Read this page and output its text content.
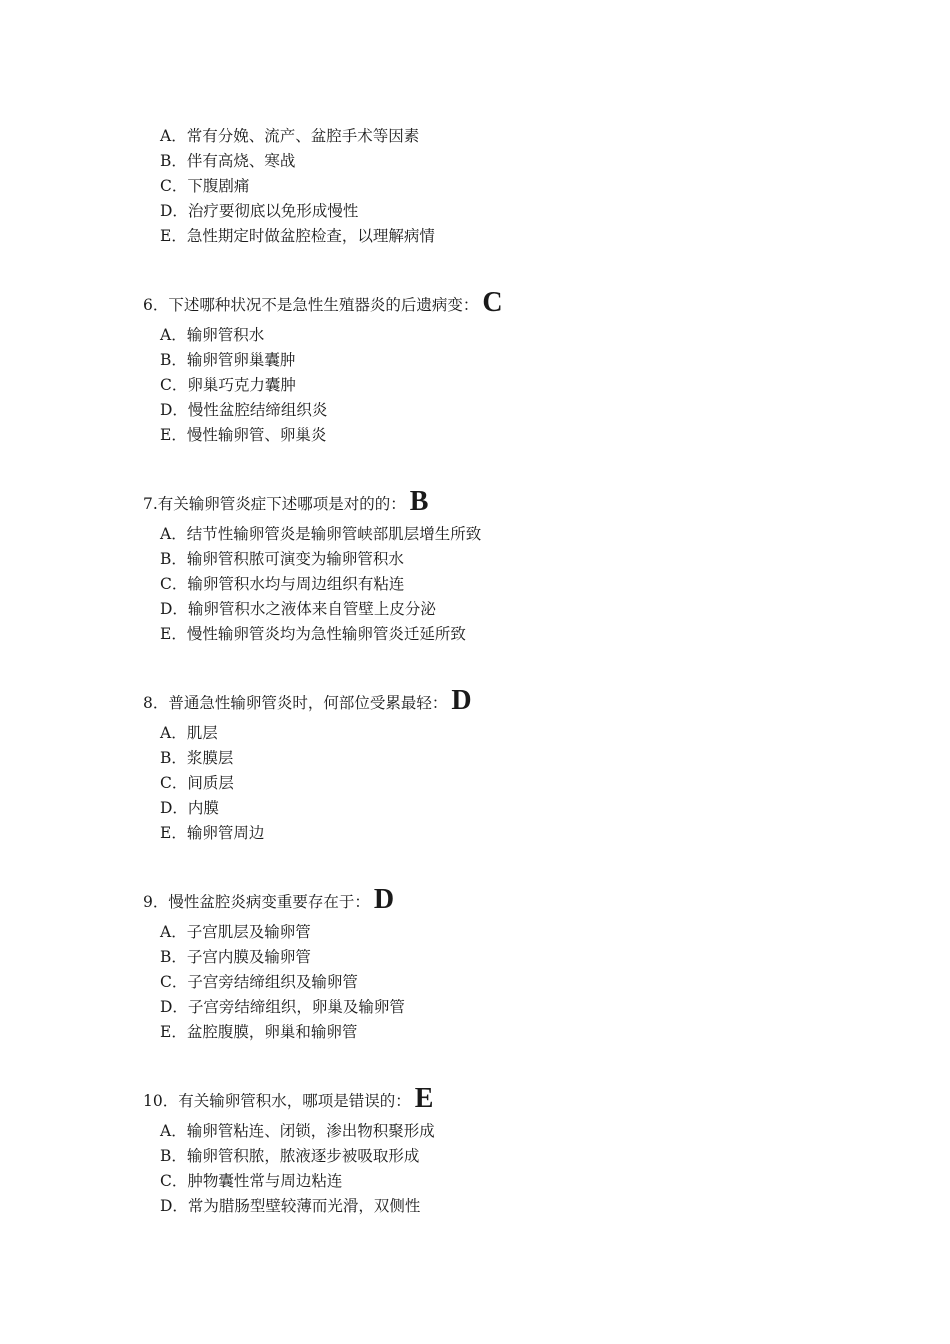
A．常有分娩、流产、盆腔手术等因素
B．伴有高烧、寒战
C．下腹剧痛
D．治疗要彻底以免形成慢性
E．急性期定时做盆腔检查，以理解病情
6．下述哪种状况不是急性生殖器炎的后遗病变： C
A．输卵管积水
B．输卵管卵巢囊肿
C．卵巢巧克力囊肿
D．慢性盆腔结缔组织炎
E．慢性输卵管、卵巢炎
7.有关输卵管炎症下述哪项是对的的： B
A．结节性输卵管炎是输卵管峡部肌层增生所致
B．输卵管积脓可演变为输卵管积水
C．输卵管积水均与周边组织有粘连
D．输卵管积水之液体来自管壁上皮分泌
E．慢性输卵管炎均为急性输卵管炎迁延所致
8．普通急性输卵管炎时，何部位受累最轻： D
A．肌层
B．浆膜层
C．间质层
D．内膜
E．输卵管周边
9．慢性盆腔炎病变重要存在于： D
A．子宫肌层及输卵管
B．子宫内膜及输卵管
C．子宫旁结缔组织及输卵管
D．子宫旁结缔组织，卵巢及输卵管
E．盆腔腹膜，卵巢和输卵管
10．有关输卵管积水，哪项是错误的： E
A．输卵管粘连、闭锁，渗出物积聚形成
B．输卵管积脓，脓液逐步被吸取形成
C．肿物囊性常与周边粘连
D．常为腊肠型壁较薄而光滑，双侧性
